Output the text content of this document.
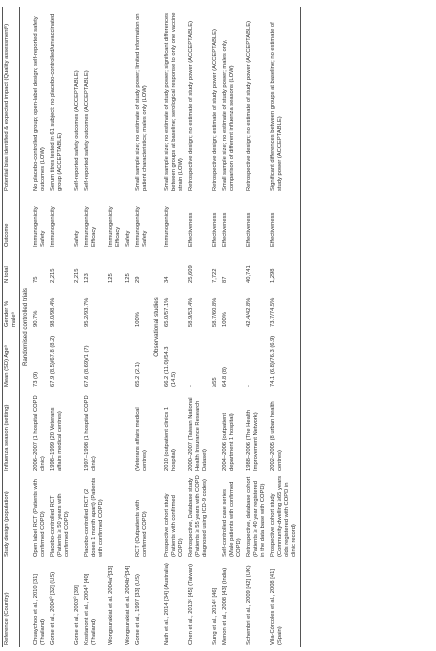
Reference (Country)	Study design (population)	Influenza season (setting)	Mean (SD) Ageᵃ	Gender % maleᵃ	N total	Outcome	Potential bias identified & expected impact (Quality assessmentᵇ)
Randomised controlled trials							
Chuaychoo et al., 2010 [31] (Thailand)	Open label RCT (Patients with confirmed COPD)	2006–2007 (1 hospital COPD clinic)	73 (9)	90.7%	75	Immunogenicity Safety	No placebo-controlled group; open-label design; self-reported safety outcomes (LOW)
Gorse et al., 2004⁰ [32] (US)	Placebo-controlled RCT (Patients ≥ 50 years with confirmed COPD)	1998–1999 (20 Veterans affairs medical centres)	67.9 (8.5)/67.8 (8.2)	98.0/98.4%	2,215	Immunogenicity	Serum titres tested in 61 subject: no placebo-controlled/unvaccinated group (ACCEPTABLE)
Gorse et al., 2003⁰ [39]					2,215	Safety	Self-reported safety outcomes (ACCEPTABLE)
Kositanont et al., 2004⁰ [40] (Thailand)	Placebo-controlled RCT (2 doses 1 month apart) (Patients with confirmed COPD)	1997–1998 (1 hospital COPD clinic)	67.6 (8.69)/1 (7)	95.2/93.7%	123	Immunogenicity Efficacy	Self-reported safety outcomes (ACCEPTABLE)
Wongsurakiat et al. 2004a⁰[33]					125	Immunogenicity Efficacy	
Wongsurakiat et al. 2004b⁰[34]					125	Safety	
Gorse et al., 1997 [33] (US)	RCT (Outpatients with confirmed COPD)	(Veterans affairs medical centres)	65.2 (2.1)	100%	29	Immunogenicity Safety	Small sample size; no estimate of study power; limited information on patient characteristics; males only (LOW)
Observational studies							
Nath et al., 2014 [34] (Australia)	Prospective cohort study (Patients with confirmed COPD)	2010 (outpatient clinics 1 hospital)	66.2 (11.0)/54.3 (14.5)	65.0/57.1%	34	Immunogenicity	Small sample size; no estimate of study power; significant differences between groups at baseline; serological response to only one vaccine strain (LOW)
Chen et al., 2013ᶜ [45] (Taiwan)	Retrospective, Database study (Patients ≥ 55 years with COPD diagnosed using ICD-9 codes)	2000–2007 (Taiwan National Health Insurance Research Dataset)	-	58.9/53.4%	25,609	Effectiveness	Retrospective design; no estimate of study power (ACCEPTABLE)
Sung et al., 2014ᶜ [46]			≥55	58.7/60.8%	7,722	Effectiveness	Retrospective design; estimate of study power (ACCEPTABLE)
Menon et al., 2008 [43] (India)	Self-controlled case series (Male patients with confirmed COPD)	2004–2006 (outpatient department 1 hospital)	64.8 (8)	100%	87	Effectiveness	Small sample size; no estimate of study power; males only, comparison of different influenza seasons (LOW)
Schembri et al., 2009 [42] (UK)	Retrospective, database cohort (Patients ≥ 40 year registered in the data base with COPD)	1988–2006 (The Health Improvement Network)	-	42.4/42.8%	40,741	Effectiveness	Retrospective design; no estimate of study power (ACCEPTABLE)
Vila-Córcoles et al., 2008 [41] (Spain)	Prospective cohort study (Community-dwelling ≥65 years olds registered with COPD in clinic record)	2002–2005 (8 urban health centres)	74.1 (6.8)/76.3 (6.9)	73.7/74.5%	1,298	Effectiveness	Significant differences between groups at baseline; no estimate of study power (ACCEPTABLE)
